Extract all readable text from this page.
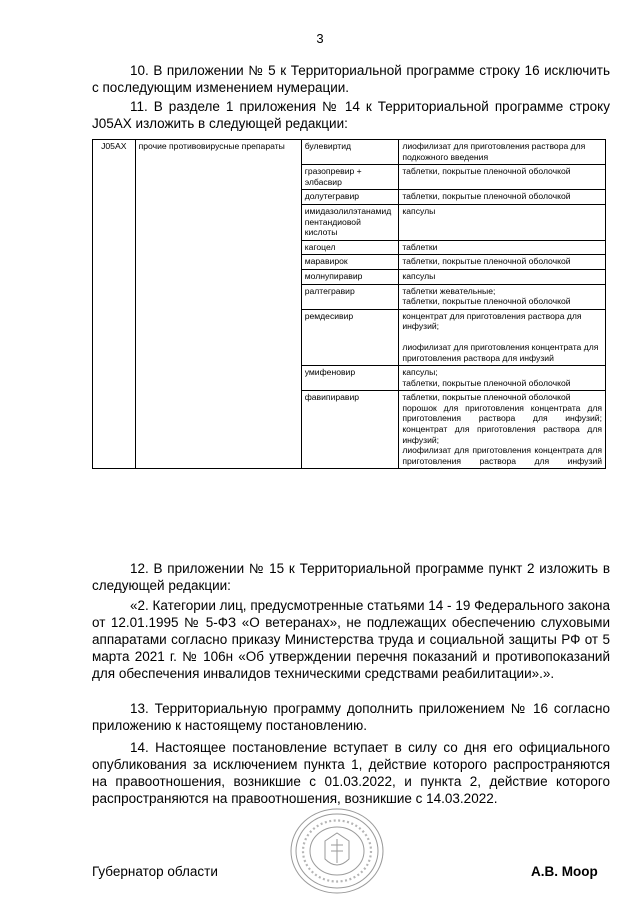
3

10. В приложении № 5 к Территориальной программе строку 16 исключить с последующим изменением нумерации.

11. В разделе 1 приложения № 14 к Территориальной программе строку J05AX изложить в следующей редакции:

J05AX	прочие противовирусные препараты	булевиртид	лиофилизат для приготовления раствора для подкожного введения

		гразопревир + элбасвир	таблетки, покрытые пленочной оболочкой

		долутегравир	таблетки, покрытые пленочной оболочкой

		имидазолилэтанамид пентандиовой кислоты	капсулы

		кагоцел	таблетки

		маравирок	таблетки, покрытые пленочной оболочкой

		молнупиравир	капсулы

		ралтегравир	таблетки жевательные;
таблетки, покрытые пленочной оболочкой

		ремдесивир	концентрат для приготовления раствора для инфузий;
лиофилизат для приготовления концентрата для приготовления раствора для инфузий

		умифеновир	капсулы;
таблетки, покрытые пленочной оболочкой

		фавипиравир	таблетки, покрытые пленочной оболочкой
порошок для приготовления концентрата для приготовления раствора для инфузий;
концентрат для приготовления раствора для инфузий;
лиофилизат для приготовления концентрата для приготовления раствора для инфузий

12. В приложении № 15 к Территориальной программе пункт 2 изложить в следующей редакции:

«2. Категории лиц, предусмотренные статьями 14 - 19 Федерального закона от 12.01.1995 № 5-ФЗ «О ветеранах», не подлежащих обеспечению слуховыми аппаратами согласно приказу Министерства труда и социальной защиты РФ от 5 марта 2021 г. № 106н «Об утверждении перечня показаний и противопоказаний для обеспечения инвалидов техническими средствами реабилитации».».

13. Территориальную программу дополнить приложением № 16 согласно приложению к настоящему постановлению.

14. Настоящее постановление вступает в силу со дня его официального опубликования за исключением пункта 1, действие которого распространяются на правоотношения, возникшие с 01.03.2022, и пункта 2, действие которого распространяются на правоотношения, возникшие с 14.03.2022.

Губернатор области	А.В. Моор
